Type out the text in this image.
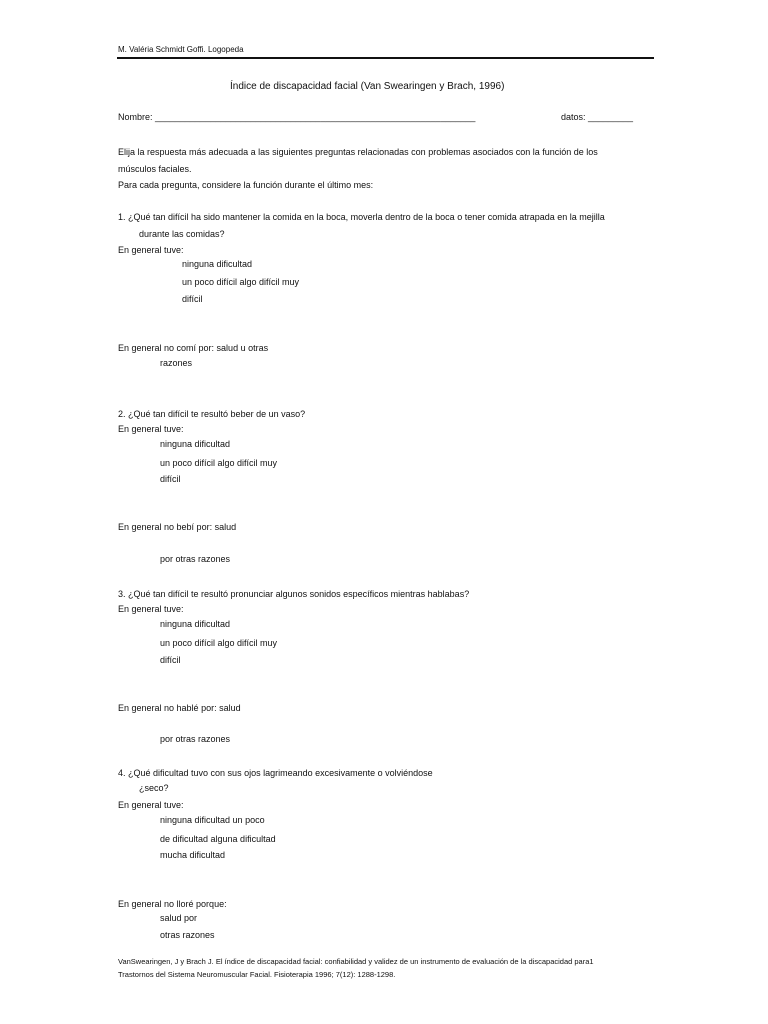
M. Valéria Schmidt Goffi. Logopeda
Índice de discapacidad facial (Van Swearingen y Brach, 1996)
Nombre: ________________________________________________________________	datos: _________
Elija la respuesta más adecuada a las siguientes preguntas relacionadas con problemas asociados con la función de los
músculos faciales.
Para cada pregunta, considere la función durante el último mes:
1. ¿Qué tan difícil ha sido mantener la comida en la boca, moverla dentro de la boca o tener comida atrapada en la mejilla
durante las comidas?
En general tuve:
ninguna dificultad
un poco difícil algo difícil muy
difícil
En general no comí por: salud u otras
razones
2. ¿Qué tan difícil te resultó beber de un vaso?
En general tuve:
ninguna dificultad
un poco difícil algo difícil muy
difícil
En general no bebí por: salud
por otras razones
3. ¿Qué tan difícil te resultó pronunciar algunos sonidos específicos mientras hablabas?
En general tuve:
ninguna dificultad
un poco difícil algo difícil muy
difícil
En general no hablé por: salud
por otras razones
4. ¿Qué dificultad tuvo con sus ojos lagrimeando excesivamente o volviéndose
¿seco?
En general tuve:
ninguna dificultad un poco
de dificultad alguna dificultad
mucha dificultad
En general no lloré porque:
salud por
otras razones
VanSwearingen, J y Brach J. El índice de discapacidad facial: confiabilidad y validez de un instrumento de evaluación de la discapacidad para1
Trastornos del Sistema Neuromuscular Facial. Fisioterapia 1996; 7(12): 1288-1298.
